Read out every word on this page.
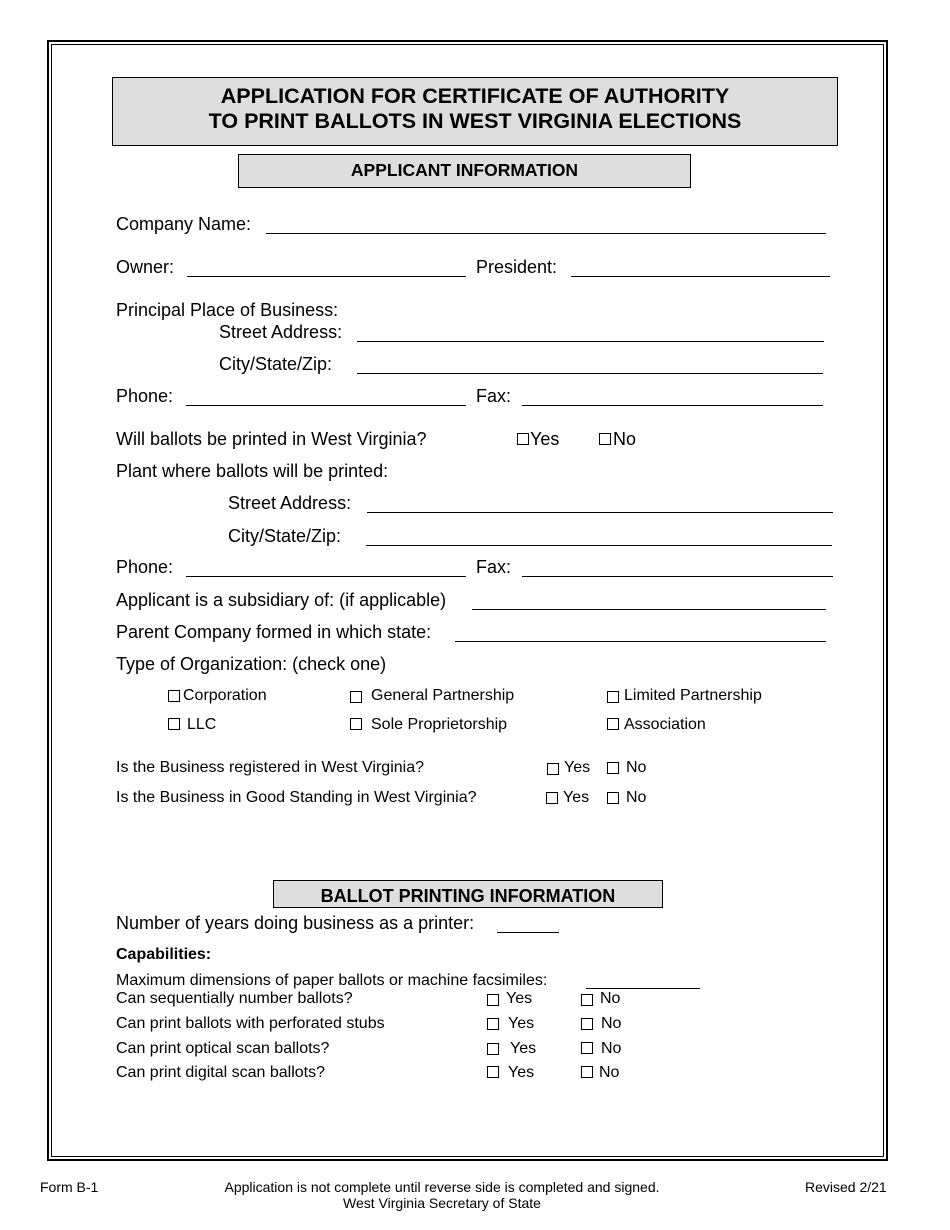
APPLICATION FOR CERTIFICATE OF AUTHORITY
TO PRINT BALLOTS IN WEST VIRGINIA ELECTIONS
APPLICANT INFORMATION
Company Name:
Owner:	President:
Principal Place of Business:
Street Address:
City/State/Zip:
Phone:	Fax:
Will ballots be printed in West Virginia?	Yes	No
Plant where ballots will be printed:
Street Address:
City/State/Zip:
Phone:	Fax:
Applicant is a subsidiary of: (if applicable)
Parent Company formed in which state:
Type of Organization: (check one)
Corporation	General Partnership	Limited Partnership
LLC	Sole Proprietorship	Association
Is the Business registered in West Virginia?	Yes No
Is the Business in Good Standing in West Virginia?	Yes No
BALLOT PRINTING INFORMATION
Number of years doing business as a printer:
Capabilities:
Maximum dimensions of paper ballots or machine facsimiles:
Can sequentially number ballots?	Yes	No
Can print ballots with perforated stubs	Yes	No
Can print optical scan ballots?	Yes	No
Can print digital scan ballots?	Yes	No
Form B-1	Application is not complete until reverse side is completed and signed.
West Virginia Secretary of State
Revised 2/21
